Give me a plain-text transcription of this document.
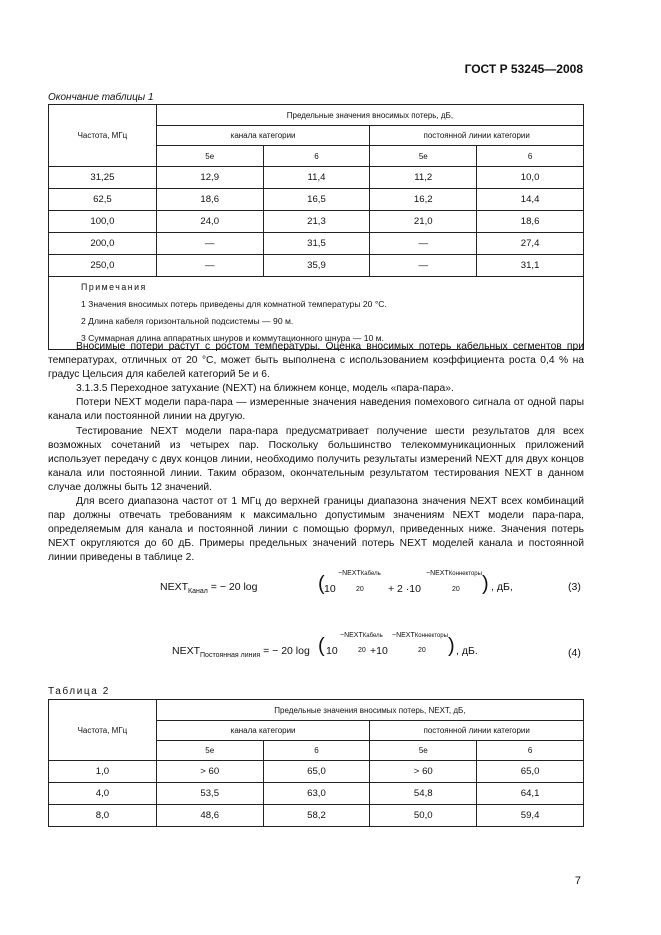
ГОСТ Р 53245—2008
Окончание таблицы 1
Частота, МГц	Предельные значения вносимых потерь, дБ,			
	канала категории		постоянной линии категории	
	5е	6	5е	6
31,25	12,9	11,4	11,2	10,0
62,5	18,6	16,5	16,2	14,4
100,0	24,0	21,3	21,0	18,6
200,0	—	31,5	—	27,4
250,0	—	35,9	—	31,1

Примечания
1 Значения вносимых потерь приведены для комнатной температуры 20 °С.
2 Длина кабеля горизонтальной подсистемы — 90 м.
3 Суммарная длина аппаратных шнуров и коммутационного шнура — 10 м.				

Вносимые потери растут с ростом температуры. Оценка вносимых потерь кабельных сегментов при температурах, отличных от 20 °С, может быть выполнена с использованием коэффициента роста 0,4 % на градус Цельсия для кабелей категорий 5е и 6.

3.1.3.5 Переходное затухание (NEXT) на ближнем конце, модель «пара-пара».

Потери NEXT модели пара-пара — измеренные значения наведения помехового сигнала от одной пары канала или постоянной линии на другую.

Тестирование NEXT модели пара-пара предусматривает получение шести результатов для всех возможных сочетаний из четырех пар. Поскольку большинство телекоммуникационных приложений использует передачу с двух концов линии, необходимо получить результаты измерений NEXT для двух концов канала или постоянной линии. Таким образом, окончательным результатом тестирования NEXT в данном случае должны быть 12 значений.

Для всего диапазона частот от 1 МГц до верхней границы диапазона значения NEXT всех комбинаций пар должны отвечать требованиям к максимально допустимым значениям NEXT модели пара-пара, определяемым для канала и постоянной линии с помощью формул, приведенных ниже. Значения потерь NEXT округляются до 60 дБ. Примеры предельных значений потерь NEXT моделей канала и постоянной линии приведены в таблице 2.

$NEXT_{Канал}$ = − 20 log	( 10
−NEXTКабель
20 + 2 ·10
−NEXTКоннекторы
20 ) , дБ,	(3)
$NEXT_{Постоянная линия}$ = − 20 log ( 10
−NEXTКабель
20 +10
−NEXTКоннекторы
20 ) , дБ.	(4)
Таблица 2
Частота, МГц	Предельные значения вносимых потерь, NEXT, дБ,			
	канала категории		постоянной линии категории	
	5е	6	5е	6
1,0	> 60	65,0	> 60	65,0
4,0	53,5	63,0	54,8	64,1
8,0	48,6	58,2	50,0	59,4
7
